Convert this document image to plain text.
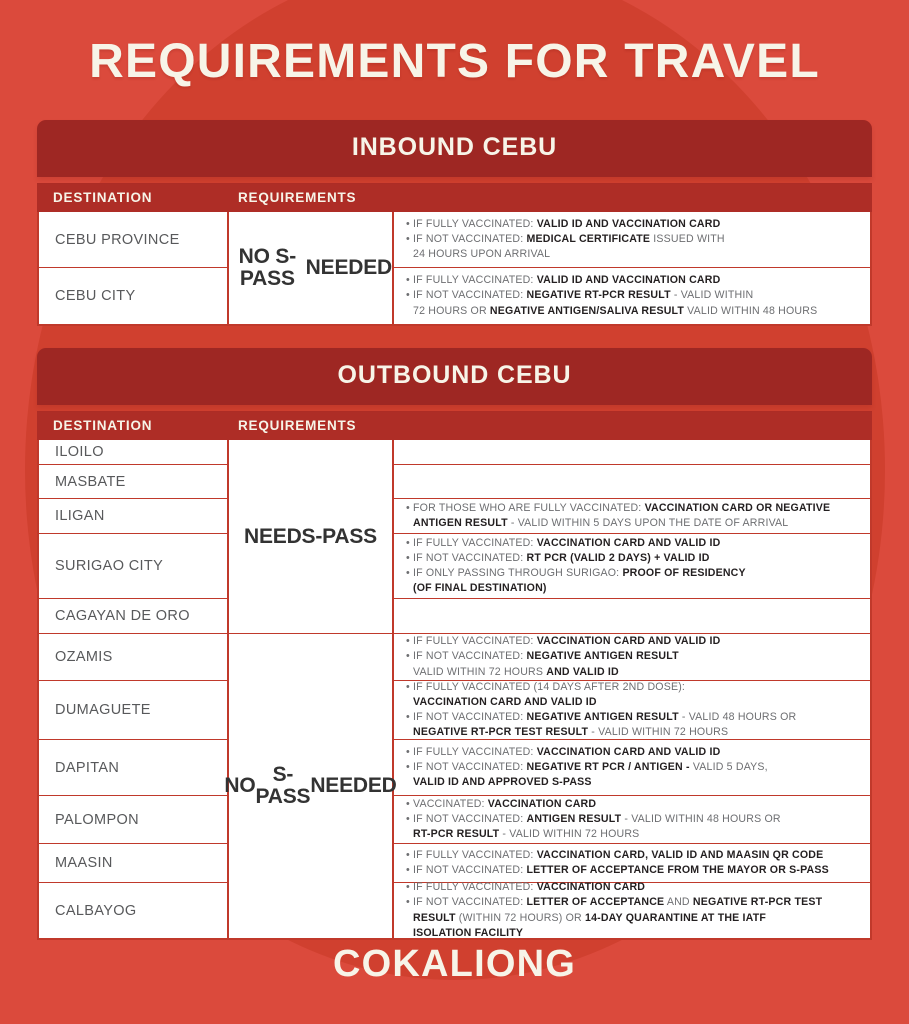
REQUIREMENTS FOR TRAVEL
INBOUND CEBU
DESTINATION	REQUIREMENTS
CEBU PROVINCE
CEBU CITY
NO S-PASS NEEDED
• IF FULLY VACCINATED: VALID ID AND VACCINATION CARD
• IF NOT VACCINATED: MEDICAL CERTIFICATE ISSUED WITH
24 HOURS UPON ARRIVAL
• IF FULLY VACCINATED: VALID ID AND VACCINATION CARD
• IF NOT VACCINATED: NEGATIVE RT-PCR RESULT - VALID WITHIN
72 HOURS OR NEGATIVE ANTIGEN/SALIVA RESULT VALID WITHIN 48 HOURS
OUTBOUND CEBU
DESTINATION	REQUIREMENTS
ILOILO
MASBATE
ILIGAN
SURIGAO CITY
CAGAYAN DE ORO
OZAMIS
DUMAGUETE
DAPITAN
PALOMPON
MAASIN
CALBAYOG
NEED S-PASS
NO S-PASS NEEDED
• FOR THOSE WHO ARE FULLY VACCINATED: VACCINATION CARD OR NEGATIVE
ANTIGEN RESULT - VALID WITHIN 5 DAYS UPON THE DATE OF ARRIVAL
• IF FULLY VACCINATED: VACCINATION CARD AND VALID ID
• IF NOT VACCINATED: RT PCR (VALID 2 DAYS) + VALID ID
• IF ONLY PASSING THROUGH SURIGAO: PROOF OF RESIDENCY
(OF FINAL DESTINATION)
• IF FULLY VACCINATED: VACCINATION CARD AND VALID ID
• IF NOT VACCINATED: NEGATIVE ANTIGEN RESULT
VALID WITHIN 72 HOURS AND VALID ID
• IF FULLY VACCINATED (14 DAYS AFTER 2ND DOSE):
VACCINATION CARD AND VALID ID
• IF NOT VACCINATED: NEGATIVE ANTIGEN RESULT - VALID 48 HOURS OR
NEGATIVE RT-PCR TEST RESULT - VALID WITHIN 72 HOURS
• IF FULLY VACCINATED: VACCINATION CARD AND VALID ID
• IF NOT VACCINATED: NEGATIVE RT PCR / ANTIGEN - VALID 5 DAYS,
VALID ID AND APPROVED S-PASS
• VACCINATED: VACCINATION CARD
• IF NOT VACCINATED: ANTIGEN RESULT - VALID WITHIN 48 HOURS OR
RT-PCR RESULT - VALID WITHIN 72 HOURS
• IF FULLY VACCINATED: VACCINATION CARD, VALID ID AND MAASIN QR CODE
• IF NOT VACCINATED: LETTER OF ACCEPTANCE FROM THE MAYOR OR S-PASS
• IF FULLY VACCINATED: VACCINATION CARD
• IF NOT VACCINATED: LETTER OF ACCEPTANCE AND NEGATIVE RT-PCR TEST
RESULT (WITHIN 72 HOURS) OR 14-DAY QUARANTINE AT THE IATF
ISOLATION FACILITY
COKALIONG
